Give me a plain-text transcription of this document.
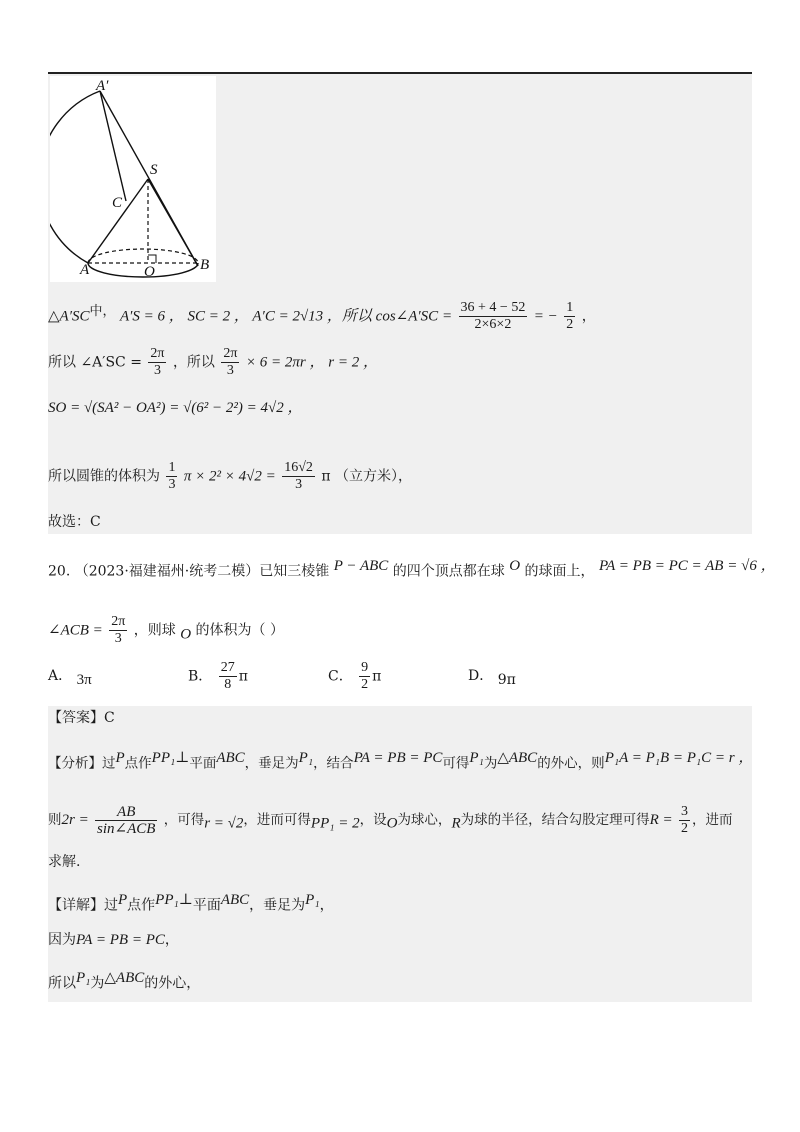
A′
S
C
A	O	B
△A′SC中， A′S = 6 ， SC = 2 ， A′C = 2√13 ，所以 cos∠A′SC = $\frac{36 + 4 - 52}{2\times 6\times 2}$ = − $\frac{1}{2}$ ，
所以 ∠A′SC = $\frac{2\pi}{3}$ ，所以 $\frac{2\pi}{3} \times 6 = 2\pi r$ ， r = 2 ，
SO = √(SA² − OA²) = √(6² − 2²) = 4√2 ，
所以圆锥的体积为 $\frac{1}{3}$ $\pi \times 2^2 \times 4√2 = \frac{16√2}{3}$ π （立方米），
故选：C
20. （2023·福建福州·统考二模）已知三棱锥 P − ABC 的四个顶点都在球 O 的球面上， PA = PB = PC = AB = √6 ，
∠ACB = $\frac{2\pi}{3}$ ，则球 O 的体积为（ ）
A． 3π	B． $\frac{27}{8}$ π	C． $\frac{9}{2}$ π	D． 9π
【答案】C
【分析】过P点作PP₁⊥平面ABC，垂足为P₁，结合PA = PB = PC可得P₁为△ABC的外心，则P₁A = P₁B = P₁C = r ，
则$2r = \frac{AB}{\text{sin∠ACB}}$ ，可得r = √2，进而可得PP₁ = 2，设O为球心，R为球的半径，结合勾股定理可得$R = \frac{3}{2}$ ，进而
求解.
【详解】过P点作PP₁⊥平面ABC，垂足为P₁，
因为PA = PB = PC，
所以P₁为△ABC的外心，
